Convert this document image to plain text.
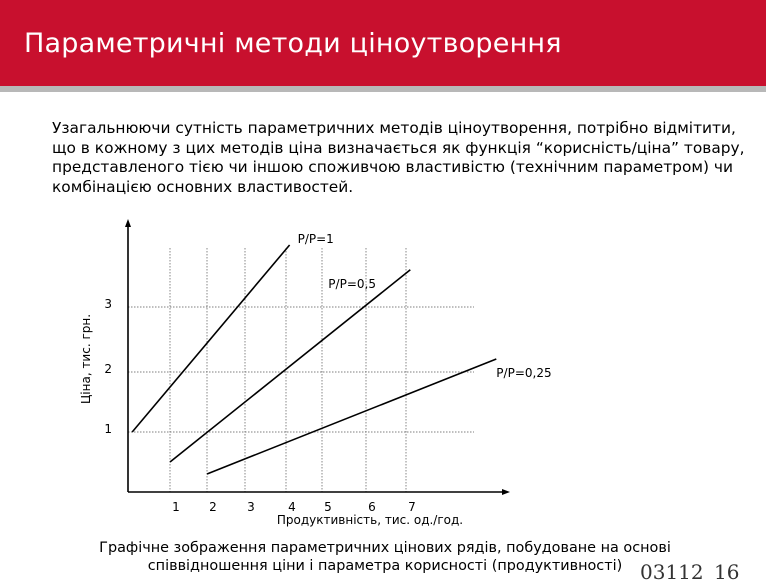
Параметричні методи ціноутворення

Узагальнюючи сутність параметричних методів ціноутворення, потрібно відмітити, що в кожному з цих методів ціна визначається як функція “корисність/ціна” товару, представленого тією чи іншою споживчою властивістю (технічним параметром) чи комбінацією основних властивостей.

1 2	3	4 5	6	7
1
2
3
P/P=1
P/P=0,5
P/P=0,25
Продуктивність, тис. од./год.
Ціна, тис. грн.

Графічне зображення параметричних цінових рядів, побудоване на основі співвідношення ціни і параметра корисності (продуктивності) 03112 16
